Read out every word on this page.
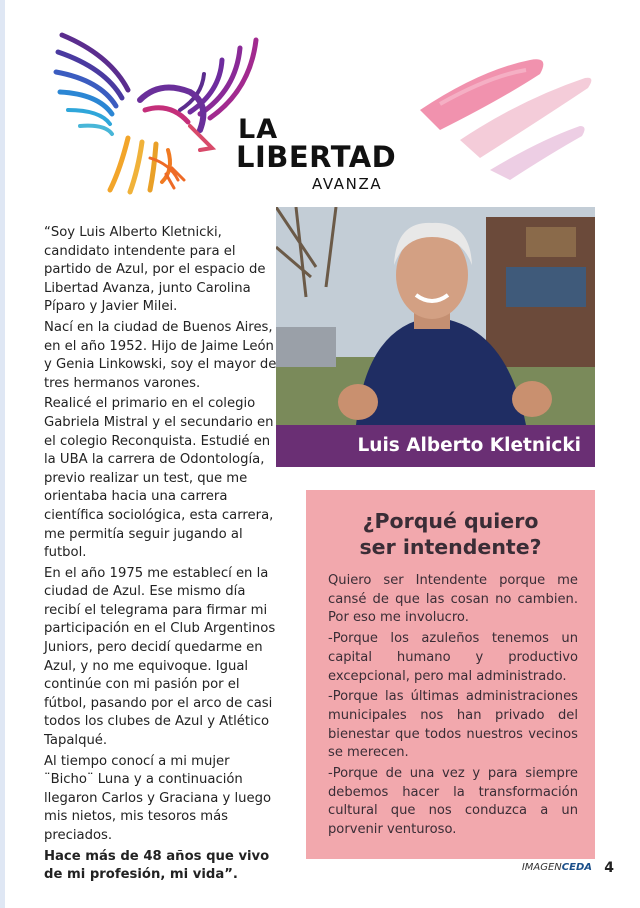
LA
LIBERTAD
AVANZA

“Soy Luis Alberto Kletnicki, candidato intendente para el partido de Azul, por el espacio de Libertad Avanza, junto Carolina Píparo y Javier Milei.

Nací en la ciudad de Buenos Aires, en el año 1952. Hijo de Jaime León y Genia Linkowski, soy el mayor de tres hermanos varones.

Realicé el primario en el colegio Gabriela Mistral y el secundario en el colegio Reconquista. Estudié en la UBA la carrera de Odontología, previo realizar un test, que me orientaba hacia una carrera científica sociológica, esta carrera, me permitía seguir jugando al futbol.

En el año 1975 me establecí en la ciudad de Azul. Ese mismo día recibí el telegrama para firmar mi participación en el Club Argentinos Juniors, pero decidí quedarme en Azul, y no me equivoque. Igual continúe con mi pasión por el fútbol, pasando por el arco de casi todos los clubes de Azul y Atlético Tapalqué.

Al tiempo conocí a mi mujer ¨Bicho¨ Luna y a continuación llegaron Carlos y Graciana y luego mis nietos, mis tesoros más preciados.

Hace más de 48 años que vivo de mi profesión, mi vida”.

Luis Alberto Kletnicki
¿Porqué quiero
ser intendente?

Quiero ser Intendente porque me cansé de que las cosan no cambien. Por eso me involucro.

-Porque los azuleños tenemos un capital humano y productivo excepcional, pero mal administrado.

-Porque las últimas administraciones municipales nos han privado del bienestar que todos nuestros vecinos se merecen.

-Porque de una vez y para siempre debemos hacer la transformación cultural que nos conduzca a un porvenir venturoso.

IMAGENCEDA 4
